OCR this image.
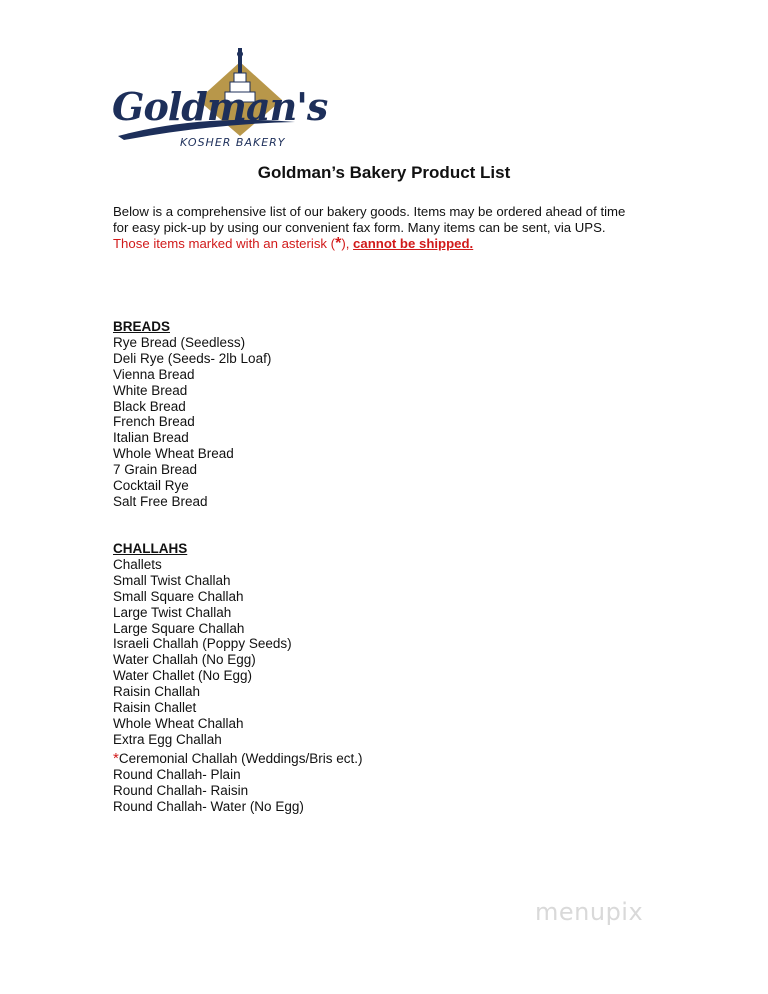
Goldman's
KOSHER BAKERY
Goldman’s Bakery Product List
Below is a comprehensive list of our bakery goods. Items may be ordered ahead of time
for easy pick-up by using our convenient fax form. Many items can be sent, via UPS.
Those items marked with an asterisk (*), cannot be shipped.
BREADS
Rye Bread (Seedless)
Deli Rye (Seeds- 2lb Loaf)
Vienna Bread
White Bread
Black Bread
French Bread
Italian Bread
Whole Wheat Bread
7 Grain Bread
Cocktail Rye
Salt Free Bread
CHALLAHS
Challets
Small Twist Challah
Small Square Challah
Large Twist Challah
Large Square Challah
Israeli Challah (Poppy Seeds)
Water Challah (No Egg)
Water Challet (No Egg)
Raisin Challah
Raisin Challet
Whole Wheat Challah
Extra Egg Challah
*Ceremonial Challah (Weddings/Bris ect.)
Round Challah- Plain
Round Challah- Raisin
Round Challah- Water (No Egg)
menupix
